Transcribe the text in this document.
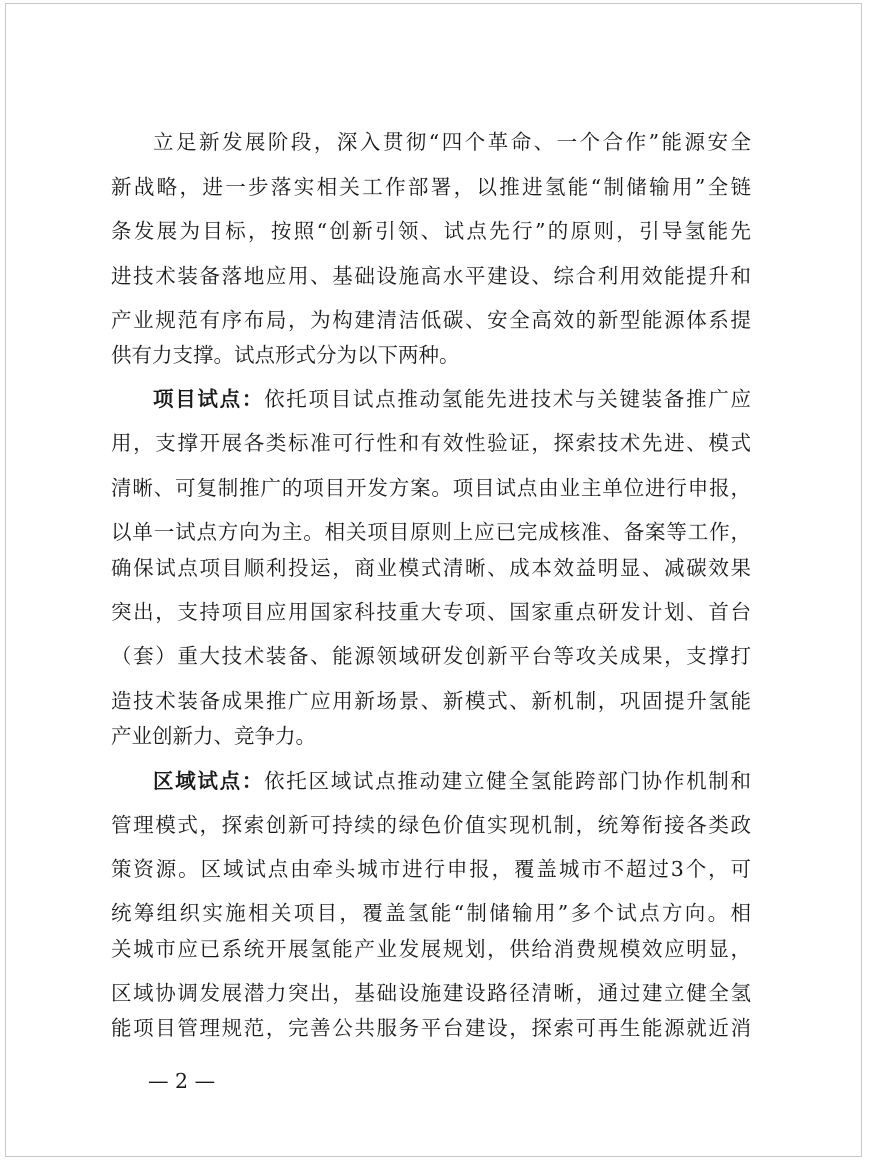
立足新发展阶段，深入贯彻“四个革命、一个合作”能源安全
新战略，进一步落实相关工作部署，以推进氢能“制储输用”全链
条发展为目标，按照“创新引领、试点先行”的原则，引导氢能先
进技术装备落地应用、基础设施高水平建设、综合利用效能提升和
产业规范有序布局，为构建清洁低碳、安全高效的新型能源体系提
供有力支撑。试点形式分为以下两种。
项目试点：依托项目试点推动氢能先进技术与关键装备推广应
用，支撑开展各类标准可行性和有效性验证，探索技术先进、模式
清晰、可复制推广的项目开发方案。项目试点由业主单位进行申报，
以单一试点方向为主。相关项目原则上应已完成核准、备案等工作，
确保试点项目顺利投运，商业模式清晰、成本效益明显、减碳效果
突出，支持项目应用国家科技重大专项、国家重点研发计划、首台
（套）重大技术装备、能源领域研发创新平台等攻关成果，支撑打
造技术装备成果推广应用新场景、新模式、新机制，巩固提升氢能
产业创新力、竞争力。
区域试点：依托区域试点推动建立健全氢能跨部门协作机制和
管理模式，探索创新可持续的绿色价值实现机制，统筹衔接各类政
策资源。区域试点由牵头城市进行申报，覆盖城市不超过3个，可
统筹组织实施相关项目，覆盖氢能“制储输用”多个试点方向。相
关城市应已系统开展氢能产业发展规划，供给消费规模效应明显，
区域协调发展潜力突出，基础设施建设路径清晰，通过建立健全氢
能项目管理规范，完善公共服务平台建设，探索可再生能源就近消
— 2 —
